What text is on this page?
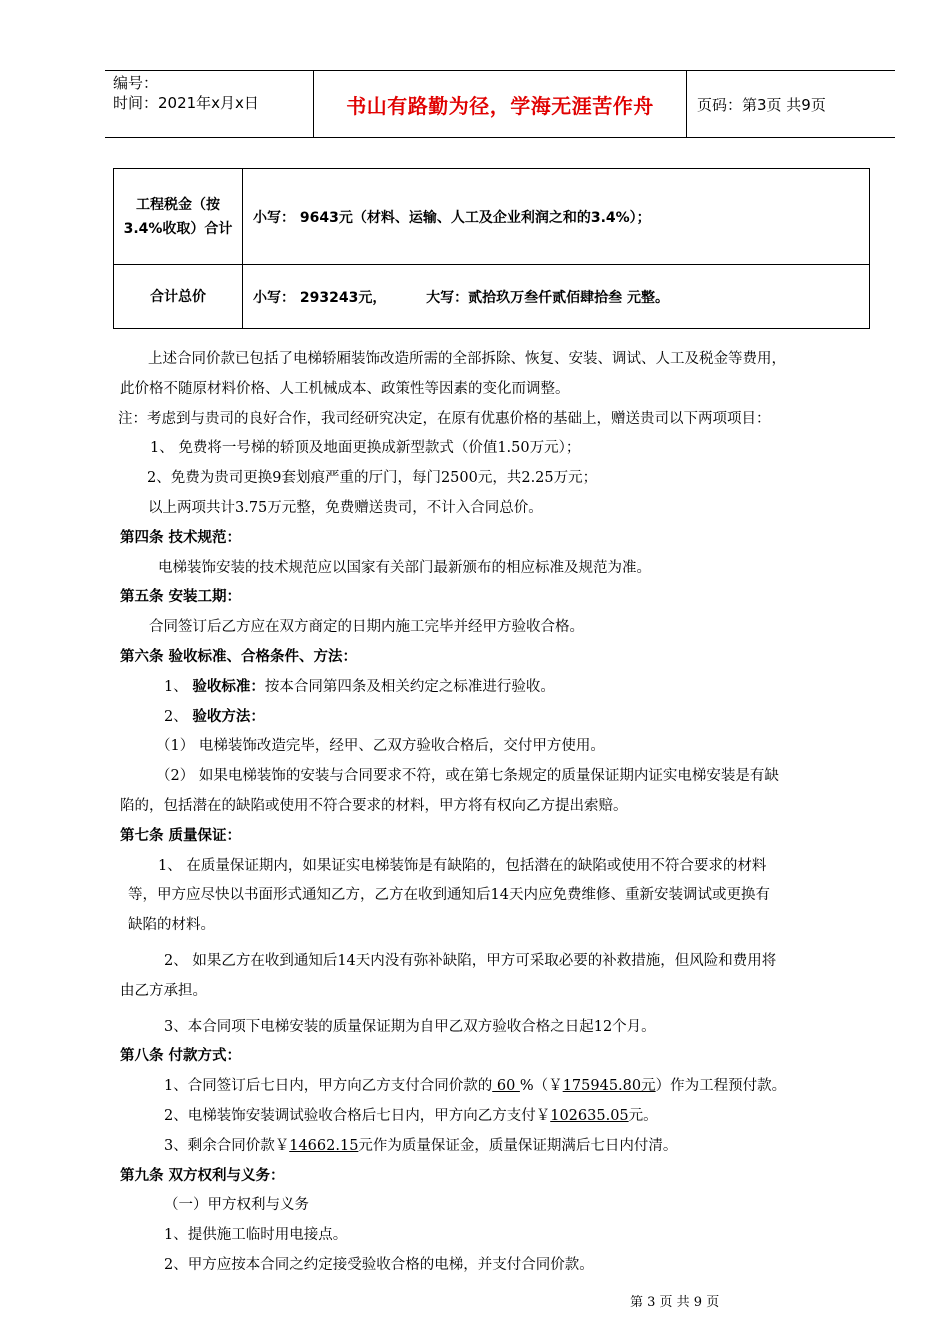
编号：
时间：2021年x月x日	书山有路勤为径，学海无涯苦作舟	页码：第3页 共9页
工程税金（按3.4%收取）合计	小写： 9643元（材料、运输、人工及企业利润之和的3.4%）；
合计总价	小写： 293243元， 大写：贰拾玖万叁仟贰佰肆拾叁 元整。

上述合同价款已包括了电梯轿厢装饰改造所需的全部拆除、恢复、安装、调试、人工及税金等费用，

此价格不随原材料价格、人工机械成本、政策性等因素的变化而调整。

注：考虑到与贵司的良好合作，我司经研究决定，在原有优惠价格的基础上，赠送贵司以下两项项目：

1、 免费将一号梯的轿顶及地面更换成新型款式（价值1.50万元）；

2、免费为贵司更换9套划痕严重的厅门，每门2500元，共2.25万元；

以上两项共计3.75万元整，免费赠送贵司，不计入合同总价。

第四条 技术规范：

电梯装饰安装的技术规范应以国家有关部门最新颁布的相应标准及规范为准。

第五条 安装工期：

合同签订后乙方应在双方商定的日期内施工完毕并经甲方验收合格。

第六条 验收标准、合格条件、方法：

1、 验收标准：按本合同第四条及相关约定之标准进行验收。

2、 验收方法：

（1） 电梯装饰改造完毕，经甲、乙双方验收合格后，交付甲方使用。

（2） 如果电梯装饰的安装与合同要求不符，或在第七条规定的质量保证期内证实电梯安装是有缺

陷的，包括潜在的缺陷或使用不符合要求的材料，甲方将有权向乙方提出索赔。

第七条 质量保证：

1、 在质量保证期内，如果证实电梯装饰是有缺陷的，包括潜在的缺陷或使用不符合要求的材料

等，甲方应尽快以书面形式通知乙方，乙方在收到通知后14天内应免费维修、重新安装调试或更换有

缺陷的材料。

2、 如果乙方在收到通知后14天内没有弥补缺陷，甲方可采取必要的补救措施，但风险和费用将

由乙方承担。

3、本合同项下电梯安装的质量保证期为自甲乙双方验收合格之日起12个月。

第八条 付款方式：

1、合同签订后七日内，甲方向乙方支付合同价款的 60 %（￥175945.80元）作为工程预付款。

2、电梯装饰安装调试验收合格后七日内，甲方向乙方支付￥102635.05元。

3、剩余合同价款￥14662.15元作为质量保证金，质量保证期满后七日内付清。

第九条 双方权利与义务：

（一）甲方权利与义务

1、提供施工临时用电接点。

2、甲方应按本合同之约定接受验收合格的电梯，并支付合同价款。

第 3 页 共 9 页
